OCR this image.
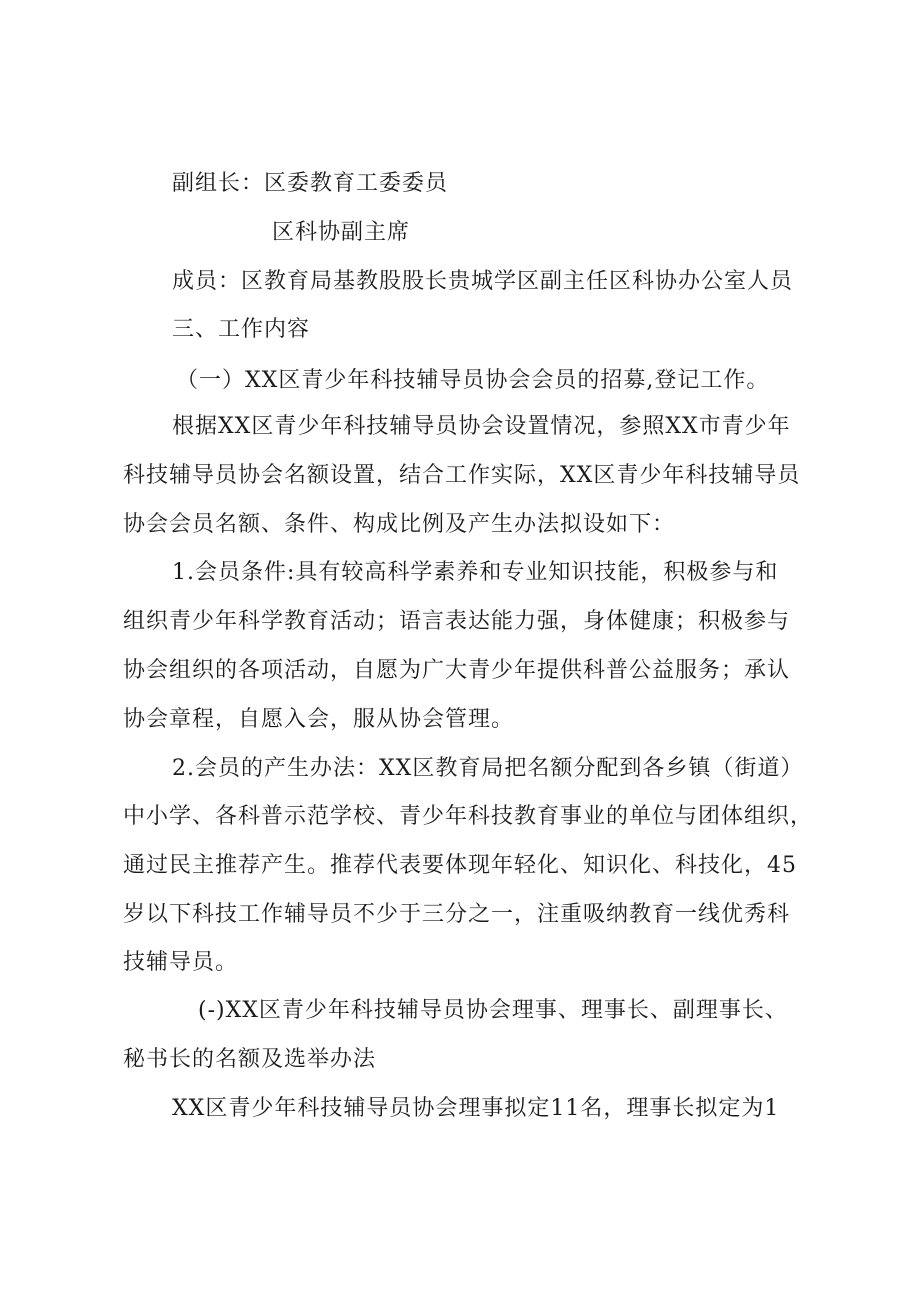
副组长：区委教育工委委员
区科协副主席
成员：区教育局基教股股长贵城学区副主任区科协办公室人员
三、工作内容
（一）XX区青少年科技辅导员协会会员的招募,登记工作。
根据XX区青少年科技辅导员协会设置情况，参照XX市青少年
科技辅导员协会名额设置，结合工作实际，XX区青少年科技辅导员
协会会员名额、条件、构成比例及产生办法拟设如下：
1.会员条件:具有较高科学素养和专业知识技能，积极参与和
组织青少年科学教育活动；语言表达能力强，身体健康；积极参与
协会组织的各项活动，自愿为广大青少年提供科普公益服务；承认
协会章程，自愿入会，服从协会管理。
2.会员的产生办法：XX区教育局把名额分配到各乡镇（街道）
中小学、各科普示范学校、青少年科技教育事业的单位与团体组织，
通过民主推荐产生。推荐代表要体现年轻化、知识化、科技化，45
岁以下科技工作辅导员不少于三分之一，注重吸纳教育一线优秀科
技辅导员。
(-)XX区青少年科技辅导员协会理事、理事长、副理事长、
秘书长的名额及选举办法
XX区青少年科技辅导员协会理事拟定11名，理事长拟定为1
